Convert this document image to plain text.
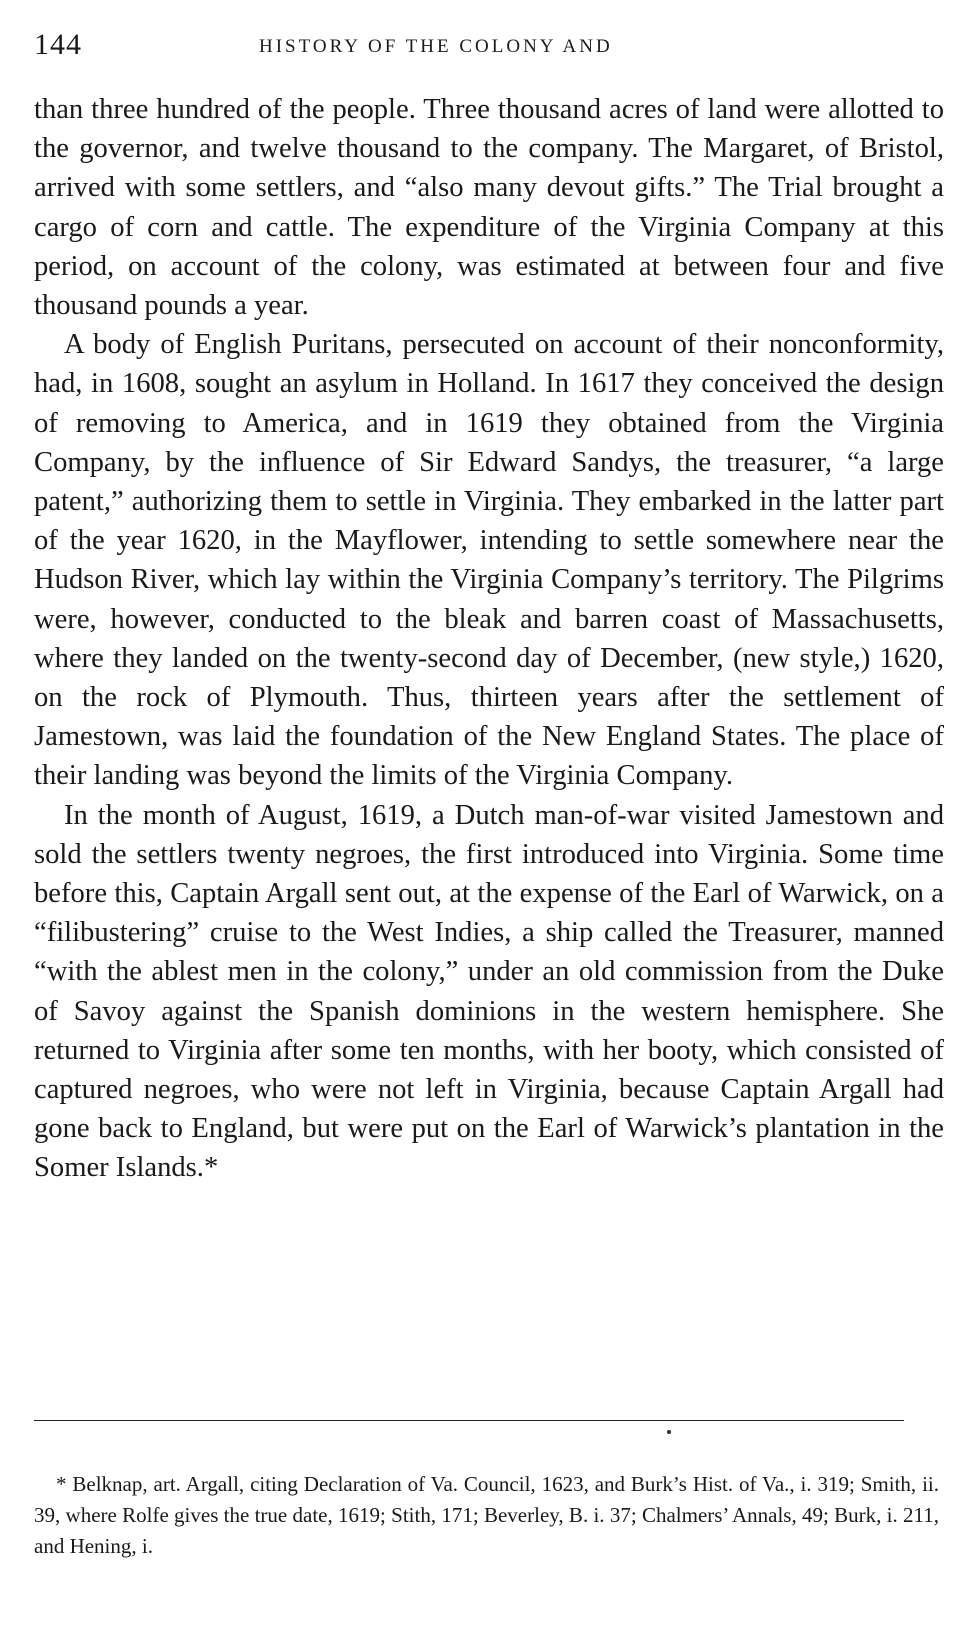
144	HISTORY OF THE COLONY AND

than three hundred of the people. Three thousand acres of land were allotted to the governor, and twelve thousand to the company. The Margaret, of Bristol, arrived with some settlers, and “also many devout gifts.” The Trial brought a cargo of corn and cattle. The expenditure of the Virginia Company at this period, on account of the colony, was estimated at between four and five thousand pounds a year.

A body of English Puritans, persecuted on account of their nonconformity, had, in 1608, sought an asylum in Holland. In 1617 they conceived the design of removing to America, and in 1619 they obtained from the Virginia Company, by the influence of Sir Edward Sandys, the treasurer, “a large patent,” authorizing them to settle in Virginia. They embarked in the latter part of the year 1620, in the Mayflower, intending to settle somewhere near the Hudson River, which lay within the Virginia Company’s territory. The Pilgrims were, however, conducted to the bleak and barren coast of Massachusetts, where they landed on the twenty-second day of December, (new style,) 1620, on the rock of Plymouth. Thus, thirteen years after the settlement of Jamestown, was laid the foundation of the New England States. The place of their landing was beyond the limits of the Virginia Company.

In the month of August, 1619, a Dutch man-of-war visited Jamestown and sold the settlers twenty negroes, the first introduced into Virginia. Some time before this, Captain Argall sent out, at the expense of the Earl of Warwick, on a “filibustering” cruise to the West Indies, a ship called the Treasurer, manned “with the ablest men in the colony,” under an old commission from the Duke of Savoy against the Spanish dominions in the western hemisphere. She returned to Virginia after some ten months, with her booty, which consisted of captured negroes, who were not left in Virginia, because Captain Argall had gone back to England, but were put on the Earl of Warwick’s plantation in the Somer Islands.*

* Belknap, art. Argall, citing Declaration of Va. Council, 1623, and Burk’s Hist. of Va., i. 319; Smith, ii. 39, where Rolfe gives the true date, 1619; Stith, 171; Beverley, B. i. 37; Chalmers’ Annals, 49; Burk, i. 211, and Hening, i.
